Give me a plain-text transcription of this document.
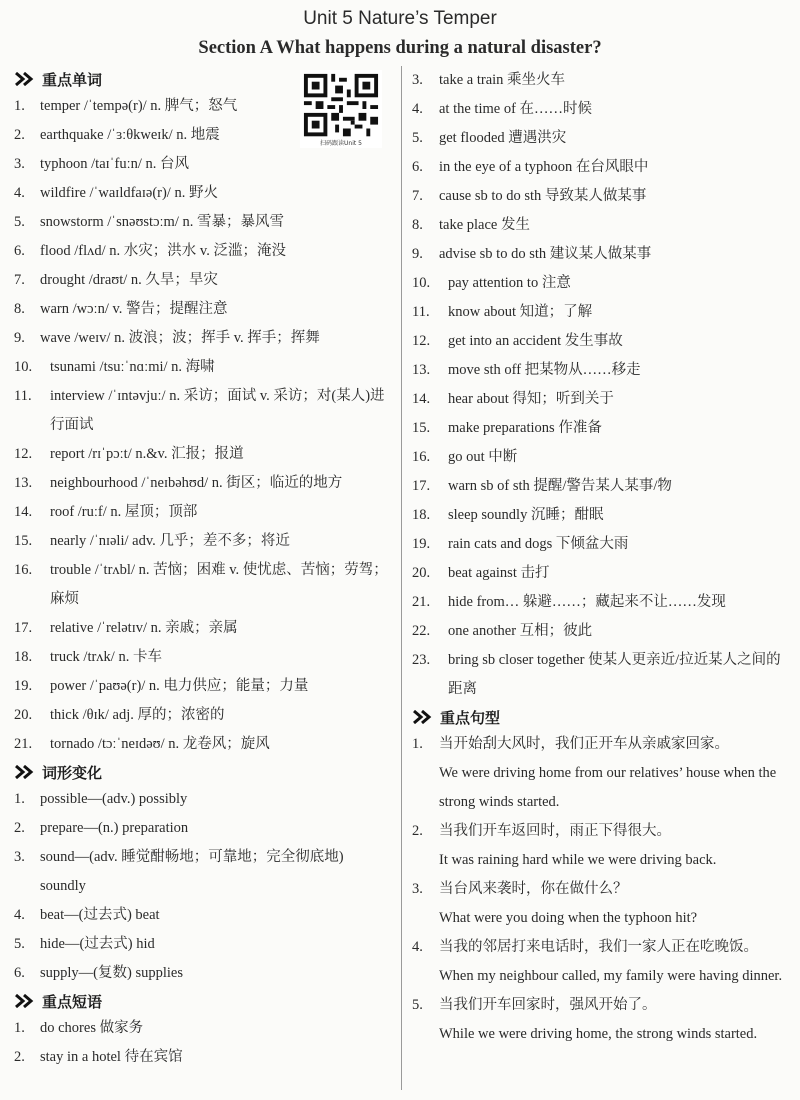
Unit 5 Nature’s Temper
Section A What happens during a natural disaster?
扫码跟读Unit 5
重点单词
1.	temper /ˈtempə(r)/ n. 脾气；怒气
2.	earthquake /ˈɜːθkweɪk/ n. 地震
3.	typhoon /taɪˈfuːn/ n. 台风
4.	wildfire /ˈwaɪldfaɪə(r)/ n. 野火
5.	snowstorm /ˈsnəʊstɔːm/ n. 雪暴；暴风雪
6.	flood /flʌd/ n. 水灾；洪水 v. 泛滥；淹没
7.	drought /draʊt/ n. 久旱；旱灾
8.	warn /wɔːn/ v. 警告；提醒注意
9.	wave /weɪv/ n. 波浪；波；挥手 v. 挥手；挥舞
10.	tsunami /tsuːˈnɑːmi/ n. 海啸
11.	interview /ˈɪntəvjuː/ n. 采访；面试 v. 采访；对(某人)进行面试
12.	report /rɪˈpɔːt/ n.&v. 汇报；报道
13.	neighbourhood /ˈneɪbəhʊd/ n. 街区；临近的地方
14.	roof /ruːf/ n. 屋顶；顶部
15.	nearly /ˈnɪəli/ adv. 几乎；差不多；将近
16.	trouble /ˈtrʌbl/ n. 苦恼；困难 v. 使忧虑、苦恼；劳驾；麻烦
17.	relative /ˈrelətɪv/ n. 亲戚；亲属
18.	truck /trʌk/ n. 卡车
19.	power /ˈpaʊə(r)/ n. 电力供应；能量；力量
20.	thick /θɪk/ adj. 厚的；浓密的
21.	tornado /tɔːˈneɪdəʊ/ n. 龙卷风；旋风
词形变化
1.	possible—(adv.) possibly
2.	prepare—(n.) preparation
3.	sound—(adv. 睡觉酣畅地；可靠地；完全彻底地) soundly
4.	beat—(过去式) beat
5.	hide—(过去式) hid
6.	supply—(复数) supplies
重点短语
1.	do chores 做家务
2.	stay in a hotel 待在宾馆
3.	take a train 乘坐火车
4.	at the time of 在……时候
5.	get flooded 遭遇洪灾
6.	in the eye of a typhoon 在台风眼中
7.	cause sb to do sth 导致某人做某事
8.	take place 发生
9.	advise sb to do sth 建议某人做某事
10.	pay attention to 注意
11.	know about 知道；了解
12.	get into an accident 发生事故
13.	move sth off 把某物从……移走
14.	hear about 得知；听到关于
15.	make preparations 作准备
16.	go out 中断
17.	warn sb of sth 提醒/警告某人某事/物
18.	sleep soundly 沉睡；酣眠
19.	rain cats and dogs 下倾盆大雨
20.	beat against 击打
21.	hide from… 躲避……；藏起来不让……发现
22.	one another 互相；彼此
23.	bring sb closer together 使某人更亲近/拉近某人之间的距离
重点句型
1.	当开始刮大风时，我们正开车从亲戚家回家。
We were driving home from our relatives’ house when the strong winds started.
2.	当我们开车返回时，雨正下得很大。
It was raining hard while we were driving back.
3.	当台风来袭时，你在做什么？
What were you doing when the typhoon hit?
4.	当我的邻居打来电话时，我们一家人正在吃晚饭。
When my neighbour called, my family were having dinner.
5.	当我们开车回家时，强风开始了。
While we were driving home, the strong winds started.
